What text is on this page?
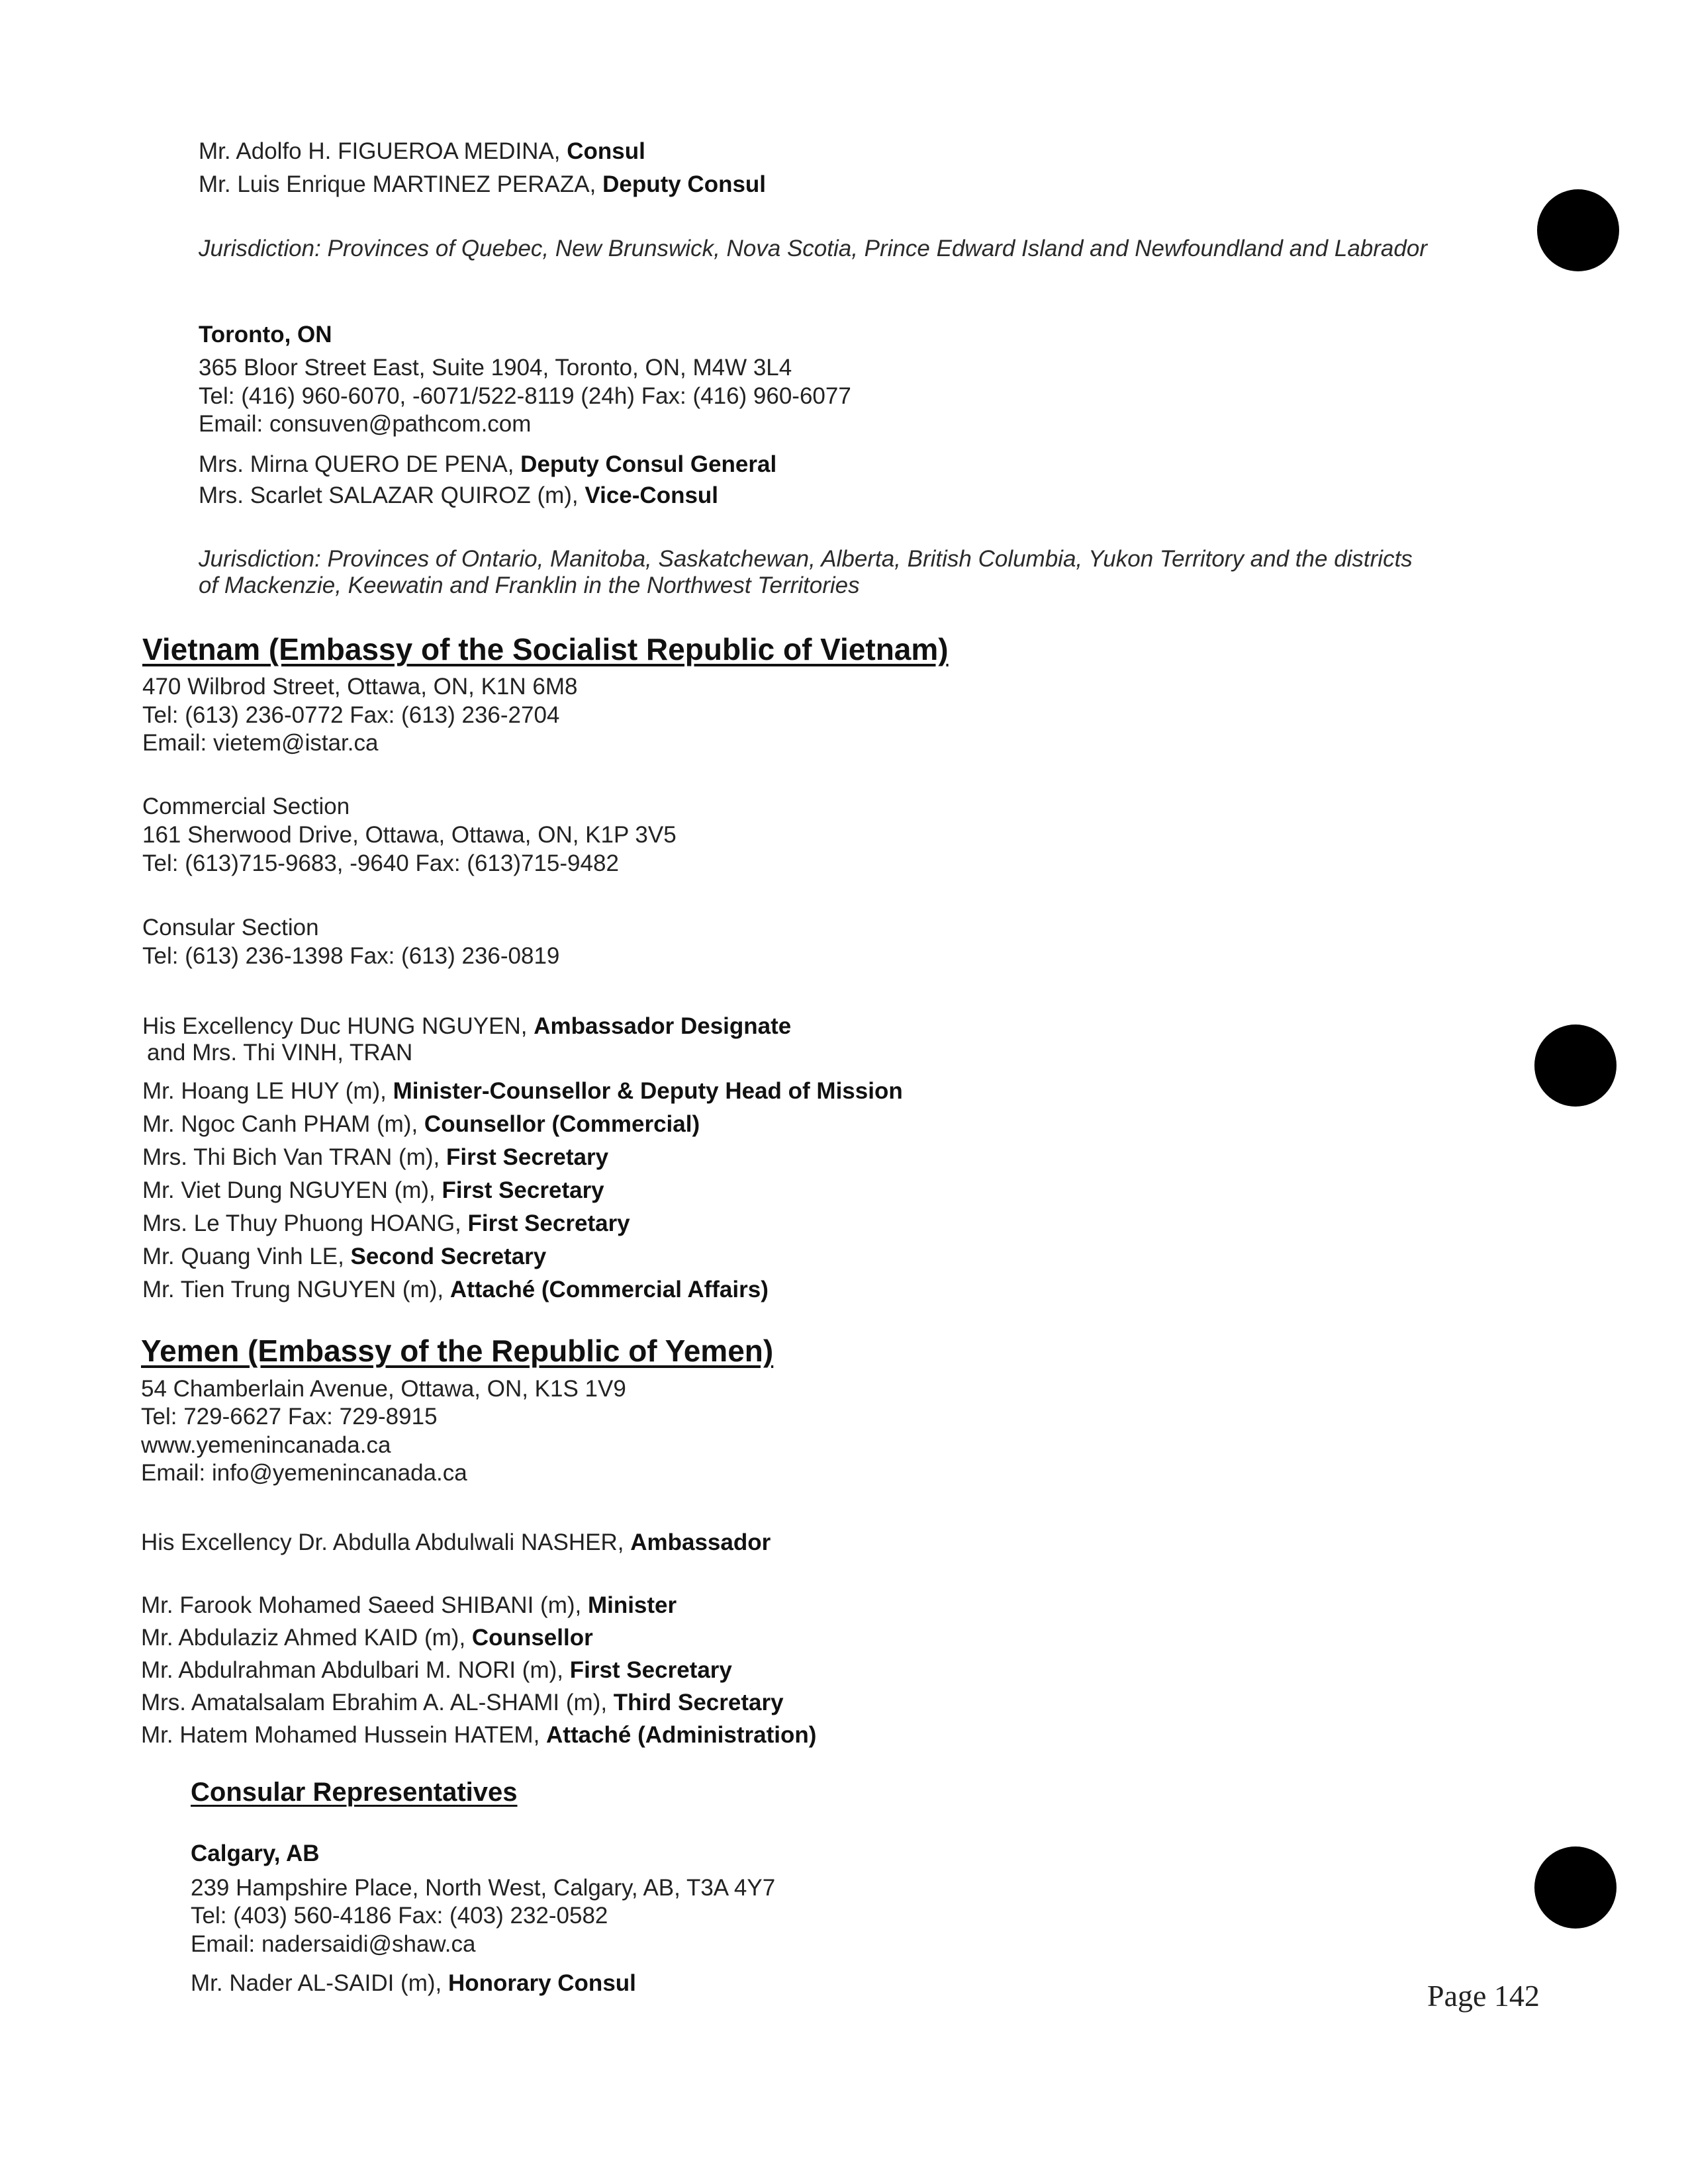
Mr. Adolfo H. FIGUEROA MEDINA, Consul
Mr. Luis Enrique MARTINEZ PERAZA, Deputy Consul
Jurisdiction: Provinces of Quebec, New Brunswick, Nova Scotia, Prince Edward Island and Newfoundland and Labrador
Toronto, ON
365 Bloor Street East, Suite 1904, Toronto, ON, M4W 3L4
Tel: (416) 960-6070, -6071/522-8119 (24h) Fax: (416) 960-6077
Email: consuven@pathcom.com
Mrs. Mirna QUERO DE PENA, Deputy Consul General
Mrs. Scarlet SALAZAR QUIROZ (m), Vice-Consul
Jurisdiction: Provinces of Ontario, Manitoba, Saskatchewan, Alberta, British Columbia, Yukon Territory and the districts
of Mackenzie, Keewatin and Franklin in the Northwest Territories
Vietnam (Embassy of the Socialist Republic of Vietnam)
470 Wilbrod Street, Ottawa, ON, K1N 6M8
Tel: (613) 236-0772 Fax: (613) 236-2704
Email: vietem@istar.ca
Commercial Section
161 Sherwood Drive, Ottawa, Ottawa, ON, K1P 3V5
Tel: (613)715-9683, -9640 Fax: (613)715-9482
Consular Section
Tel: (613) 236-1398 Fax: (613) 236-0819
His Excellency Duc HUNG NGUYEN, Ambassador Designate
and Mrs. Thi VINH, TRAN
Mr. Hoang LE HUY (m), Minister-Counsellor & Deputy Head of Mission
Mr. Ngoc Canh PHAM (m), Counsellor (Commercial)
Mrs. Thi Bich Van TRAN (m), First Secretary
Mr. Viet Dung NGUYEN (m), First Secretary
Mrs. Le Thuy Phuong HOANG, First Secretary
Mr. Quang Vinh LE, Second Secretary
Mr. Tien Trung NGUYEN (m), Attaché (Commercial Affairs)
Yemen (Embassy of the Republic of Yemen)
54 Chamberlain Avenue, Ottawa, ON, K1S 1V9
Tel: 729-6627 Fax: 729-8915
www.yemenincanada.ca
Email: info@yemenincanada.ca
His Excellency Dr. Abdulla Abdulwali NASHER, Ambassador
Mr. Farook Mohamed Saeed SHIBANI (m), Minister
Mr. Abdulaziz Ahmed KAID (m), Counsellor
Mr. Abdulrahman Abdulbari M. NORI (m), First Secretary
Mrs. Amatalsalam Ebrahim A. AL-SHAMI (m), Third Secretary
Mr. Hatem Mohamed Hussein HATEM, Attaché (Administration)
Consular Representatives
Calgary, AB
239 Hampshire Place, North West, Calgary, AB, T3A 4Y7
Tel: (403) 560-4186 Fax: (403) 232-0582
Email: nadersaidi@shaw.ca
Mr. Nader AL-SAIDI (m), Honorary Consul	Page 142
